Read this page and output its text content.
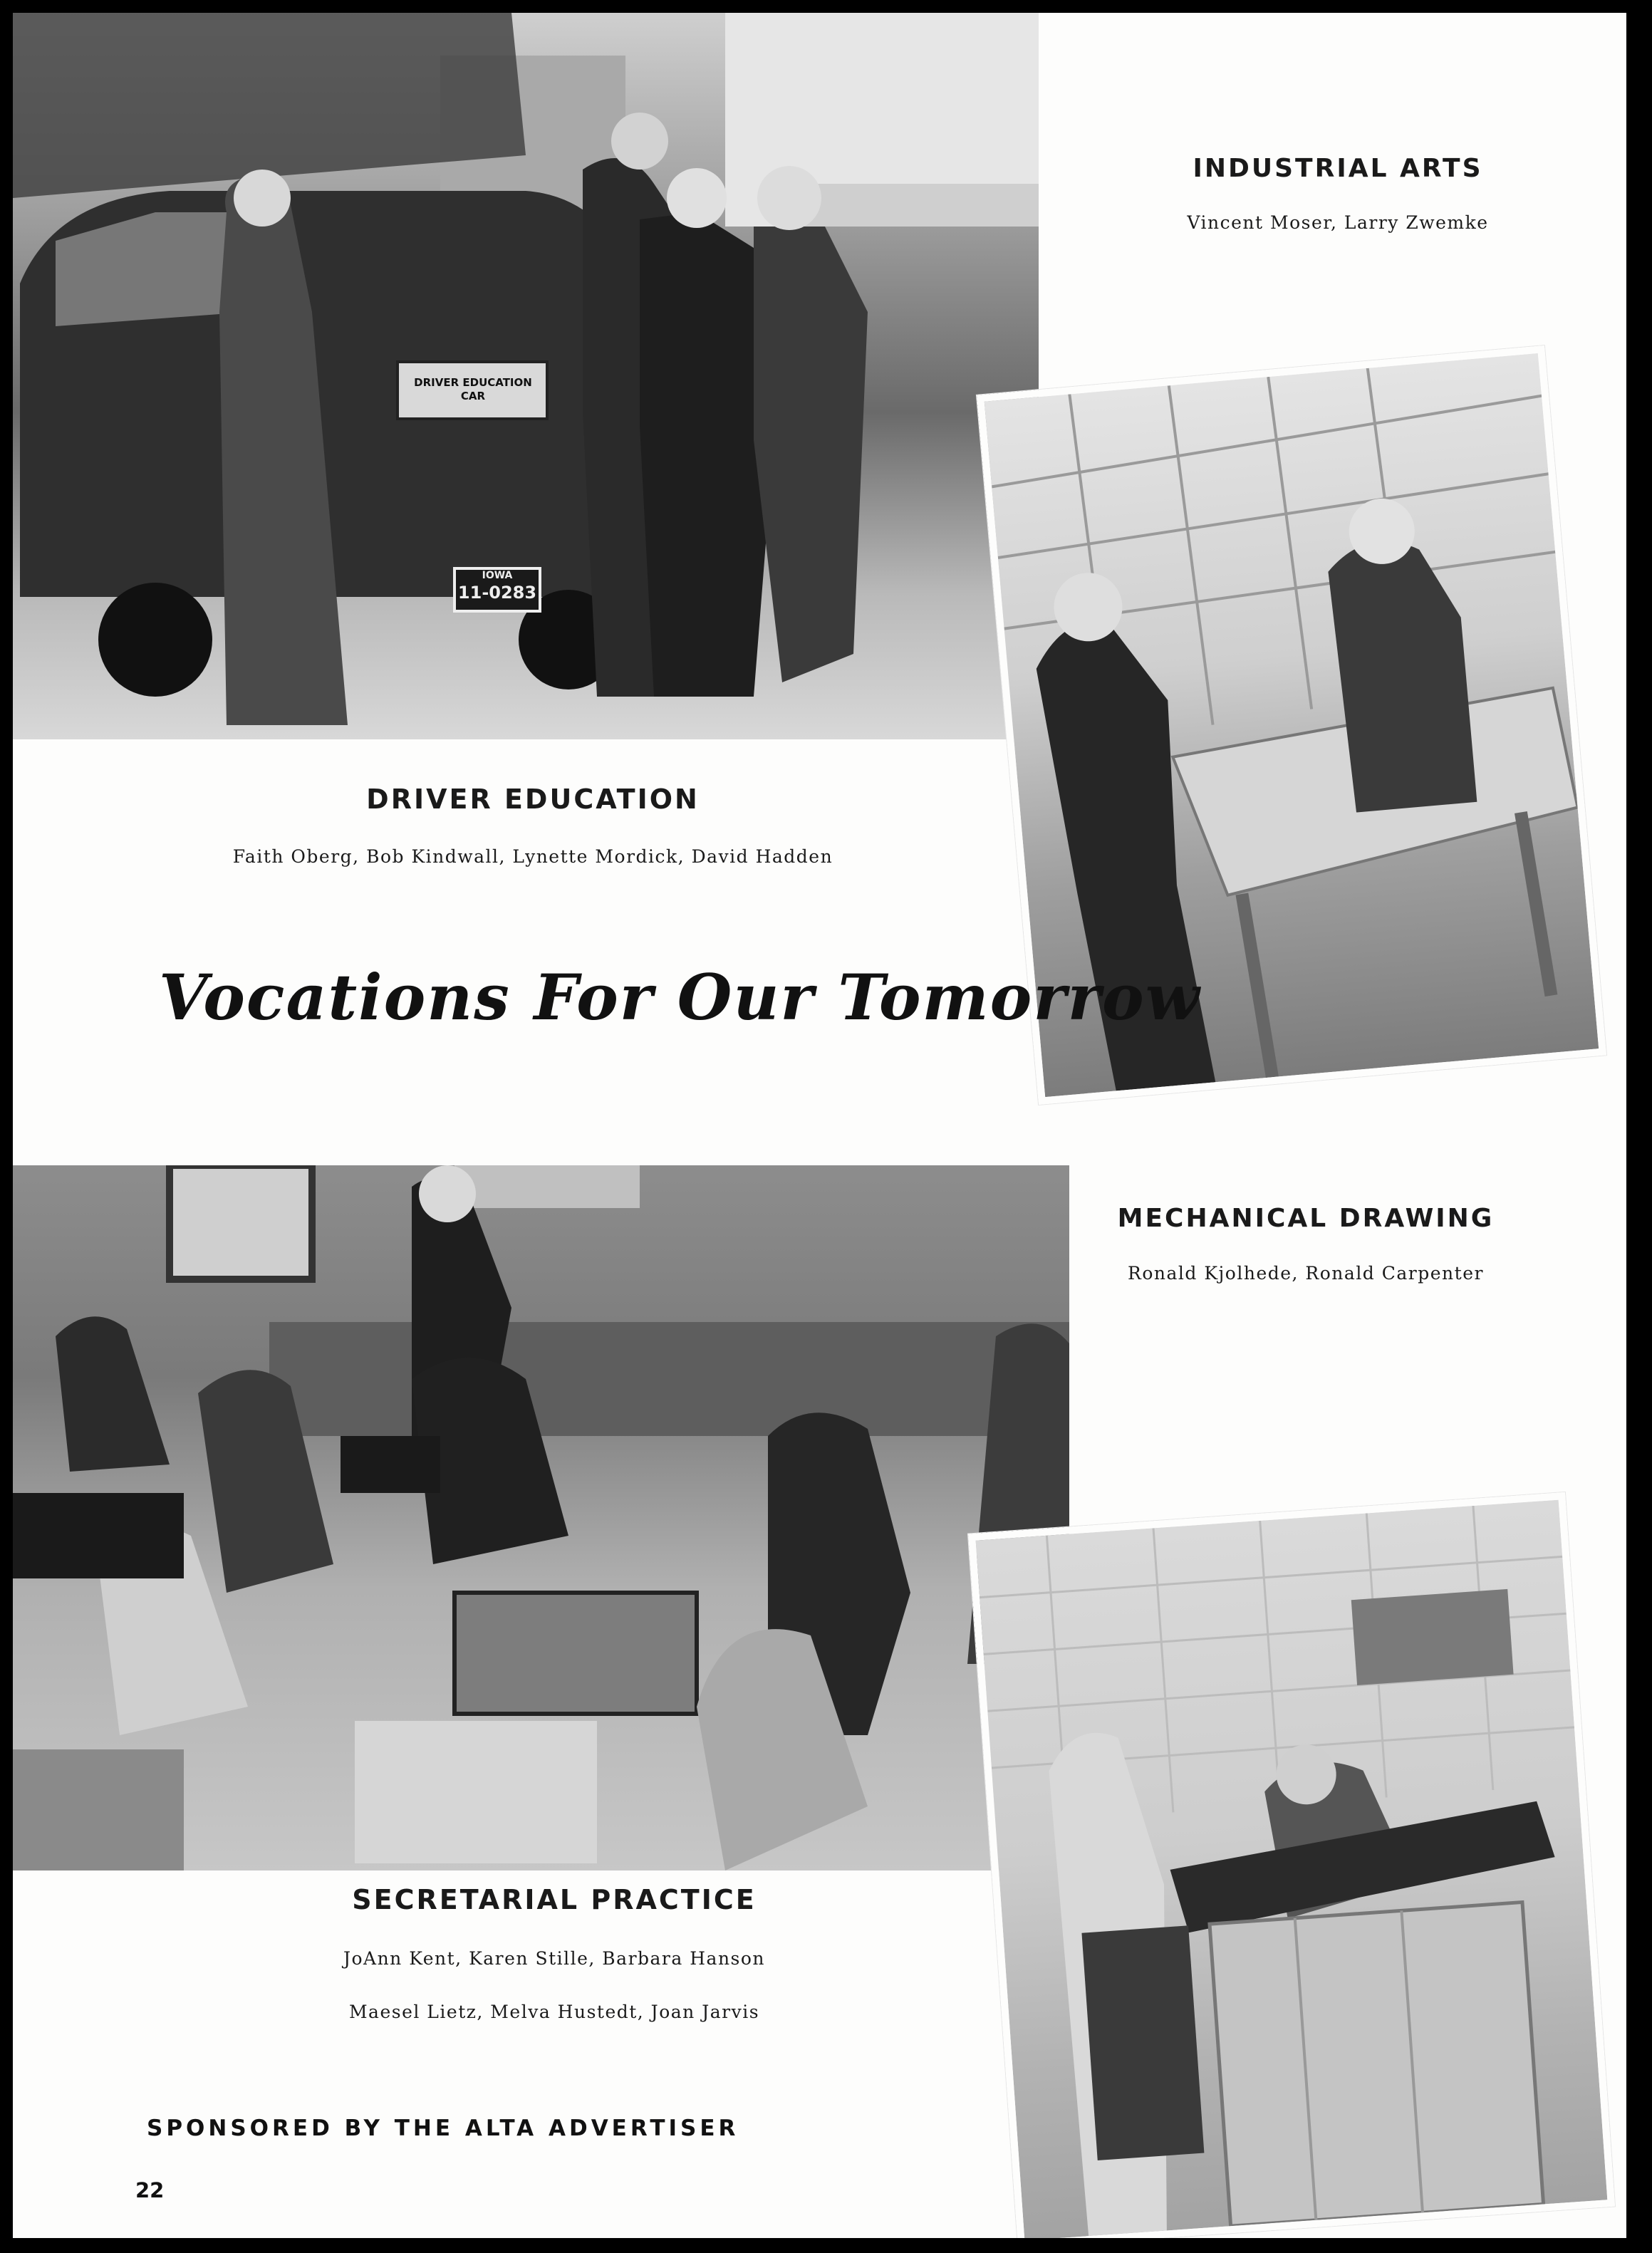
DRIVER EDUCATION CAR
IOWA
11-0283
INDUSTRIAL ARTS
Vincent Moser, Larry Zwemke
DRIVER EDUCATION
Faith Oberg, Bob Kindwall, Lynette Mordick, David Hadden
Vocations For Our Tomorrow
MECHANICAL DRAWING
Ronald Kjolhede, Ronald Carpenter
SECRETARIAL PRACTICE
JoAnn Kent, Karen Stille, Barbara Hanson
Maesel Lietz, Melva Hustedt, Joan Jarvis
SPONSORED BY THE ALTA ADVERTISER
22
